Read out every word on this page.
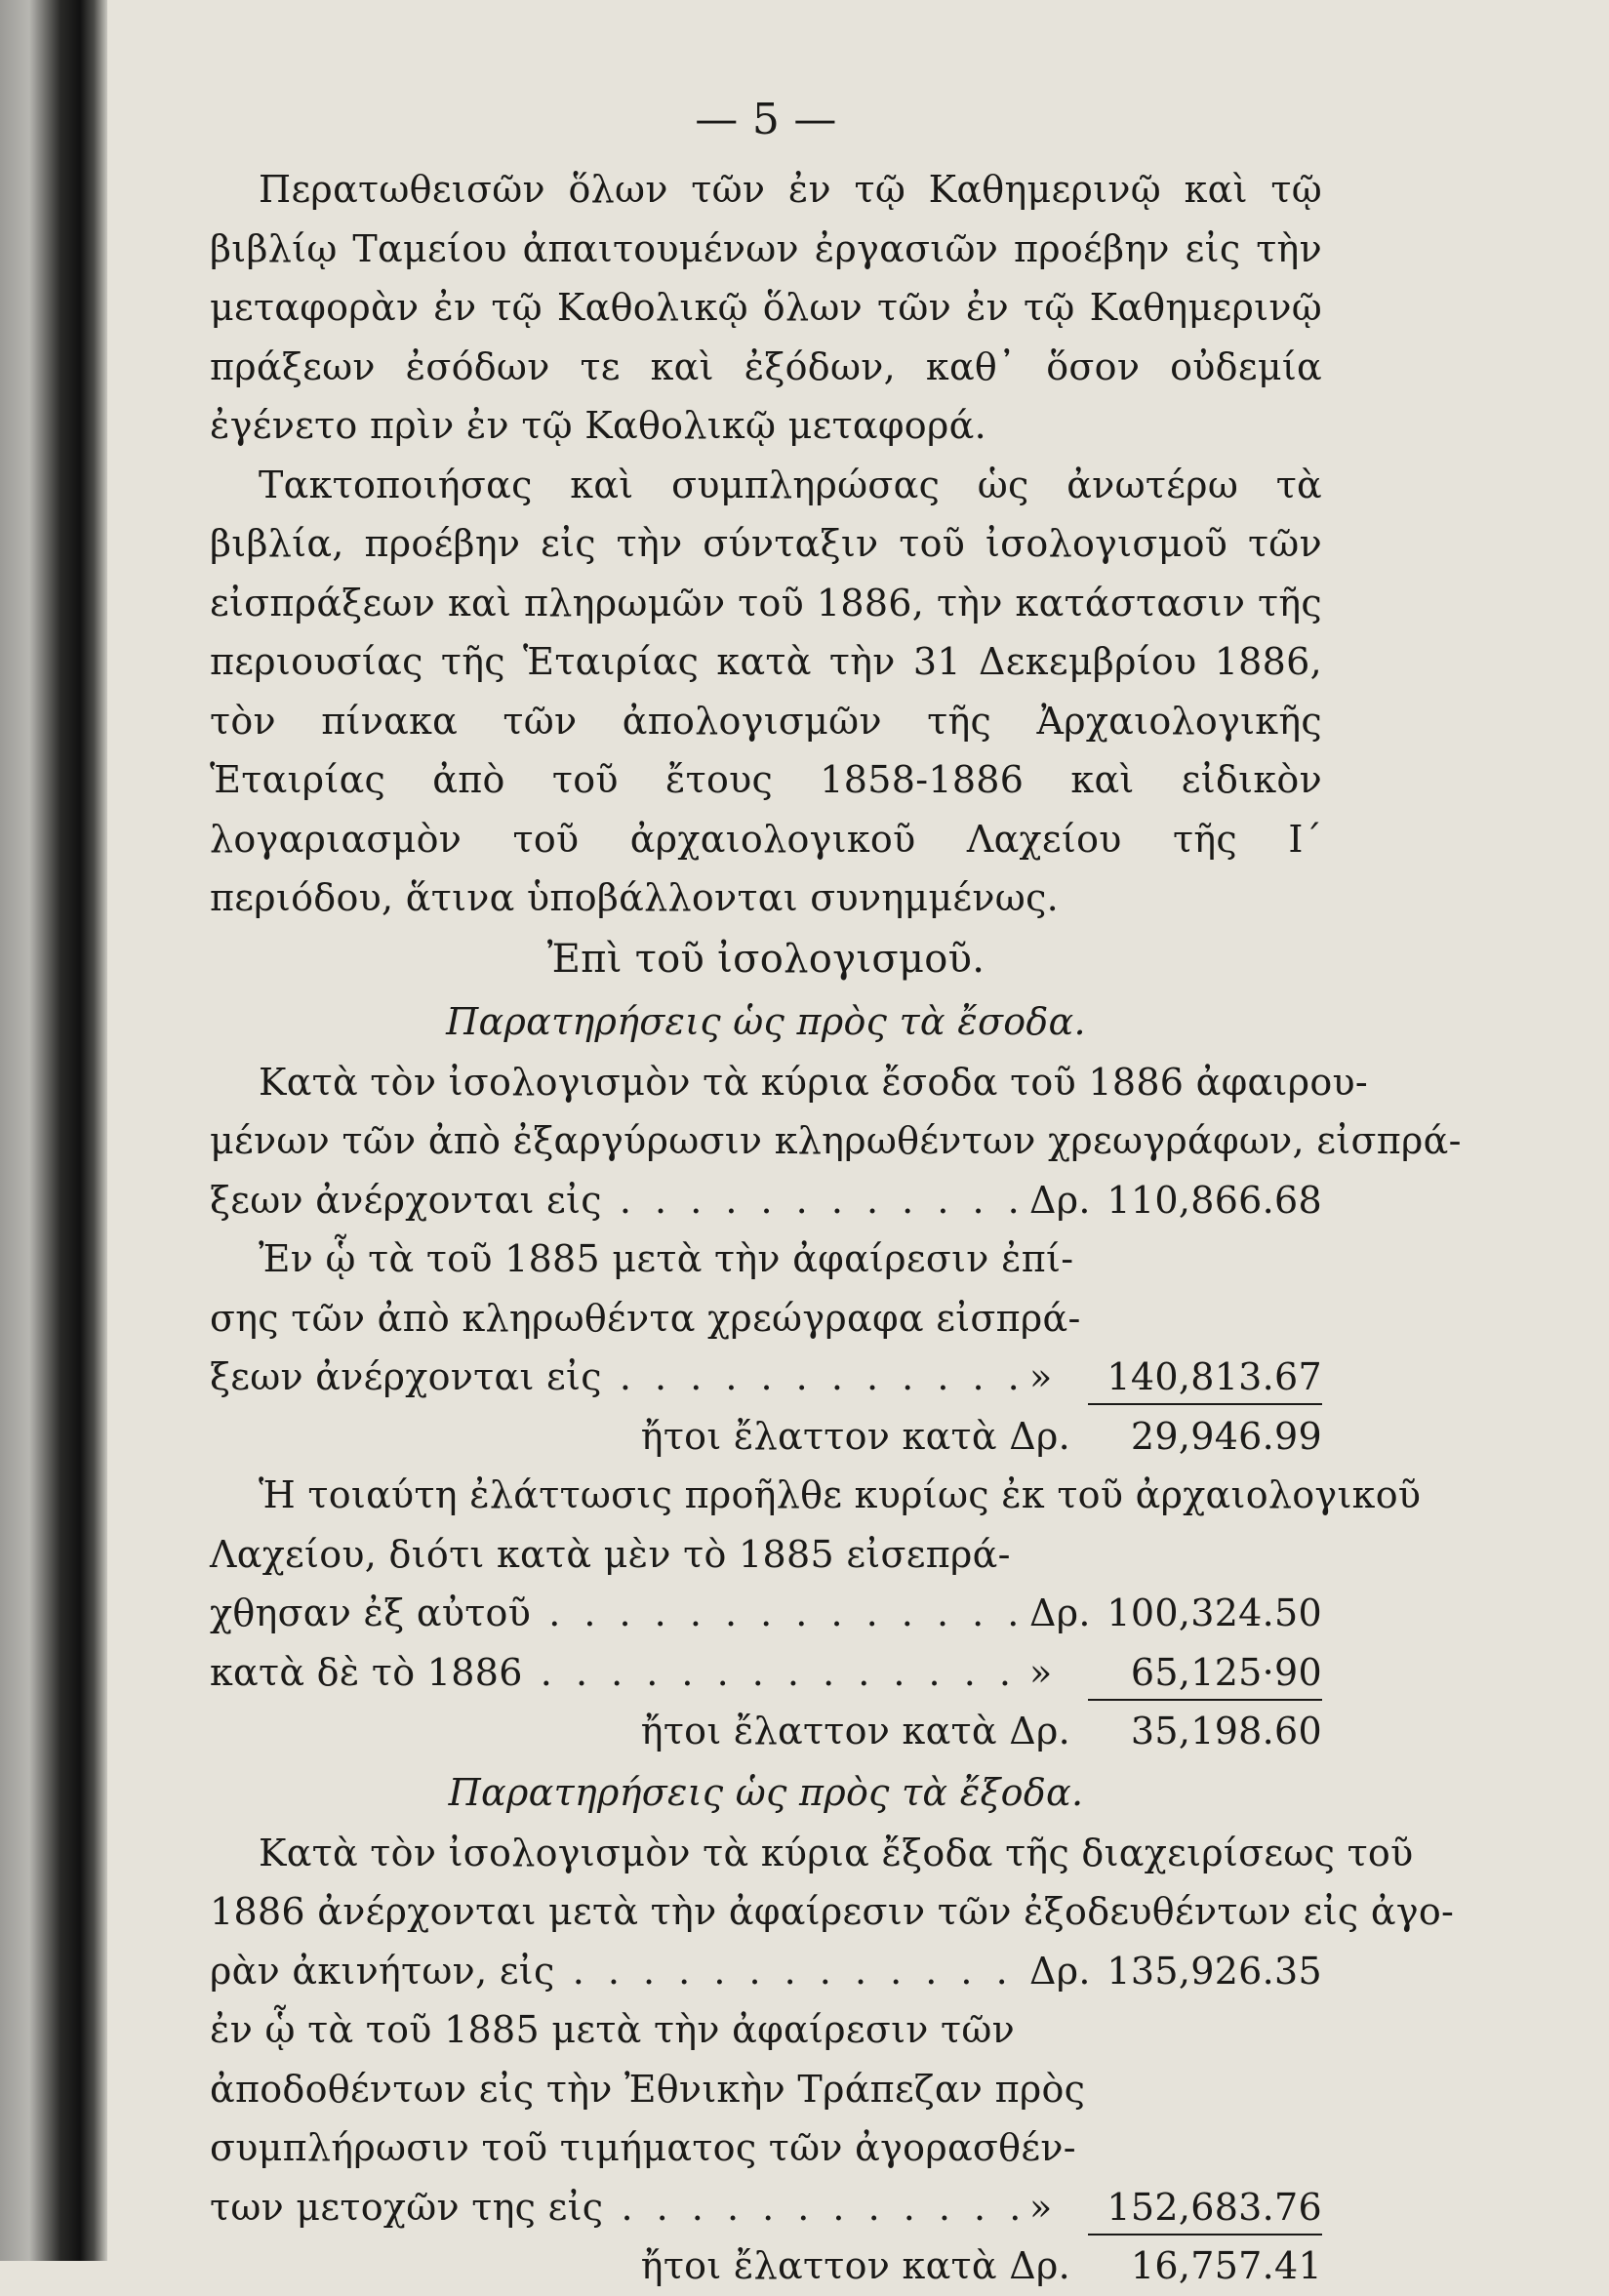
— 5 —

Περατωθεισῶν ὅλων τῶν ἐν τῷ Καθημερινῷ καὶ τῷ βιβλίῳ Ταμείου ἀπαιτουμένων ἐργασιῶν προέβην εἰς τὴν μεταφορὰν ἐν τῷ Καθολικῷ ὅλων τῶν ἐν τῷ Καθημερινῷ πράξεων ἐσόδων τε καὶ ἐξόδων, καθ᾿ ὅσον οὐδεμία ἐγένετο πρὶν ἐν τῷ Καθολικῷ μεταφορά.

Τακτοποιήσας καὶ συμπληρώσας ὡς ἀνωτέρω τὰ βιβλία, προέβην εἰς τὴν σύνταξιν τοῦ ἰσολογισμοῦ τῶν εἰσπράξεων καὶ πληρωμῶν τοῦ 1886, τὴν κατάστασιν τῆς περιουσίας τῆς Ἑταιρίας κατὰ τὴν 31 Δεκεμβρίου 1886, τὸν πίνακα τῶν ἀπολογισμῶν τῆς Ἀρχαιολογικῆς Ἑταιρίας ἀπὸ τοῦ ἔτους 1858-1886 καὶ εἰδικὸν λογαριασμὸν τοῦ ἀρχαιολογικοῦ Λαχείου τῆς Ι΄ περιόδου, ἅτινα ὑποβάλλονται συνημμένως.

Ἐπὶ τοῦ ἰσολογισμοῦ.
Παρατηρήσεις ὡς πρὸς τὰ ἔσοδα.
Κατὰ τὸν ἰσολογισμὸν τὰ κύρια ἔσοδα τοῦ 1886 ἀφαιρου-
μένων τῶν ἀπὸ ἐξαργύρωσιν κληρωθέντων χρεωγράφων, εἰσπρά-
ξεων ἀνέρχονται εἰς . . .	Δρ. 110,866.68
Ἐν ᾧ τὰ τοῦ 1885 μετὰ τὴν ἀφαίρεσιν ἐπί-
σης τῶν ἀπὸ κληρωθέντα χρεώγραφα εἰσπρά-
ξεων ἀνέρχονται εἰς . . .	»	140,813.67
ἤτοι ἔλαττον κατὰ Δρ.	29,946.99
Ἡ τοιαύτη ἐλάττωσις προῆλθε κυρίως ἐκ τοῦ ἀρχαιολογικοῦ
Λαχείου, διότι κατὰ μὲν τὸ 1885 εἰσεπρά-
χθησαν ἐξ αὐτοῦ . . .	Δρ. 100,324.50
κατὰ δὲ τὸ 1886 . . .	»	65,125·90
ἤτοι ἔλαττον κατὰ Δρ.	35,198.60
Παρατηρήσεις ὡς πρὸς τὰ ἔξοδα.
Κατὰ τὸν ἰσολογισμὸν τὰ κύρια ἔξοδα τῆς διαχειρίσεως τοῦ
1886 ἀνέρχονται μετὰ τὴν ἀφαίρεσιν τῶν ἐξοδευθέντων εἰς ἀγο-
ρὰν ἀκινήτων, εἰς . . .	Δρ. 135,926.35
ἐν ᾧ τὰ τοῦ 1885 μετὰ τὴν ἀφαίρεσιν τῶν
ἀποδοθέντων εἰς τὴν Ἐθνικὴν Τράπεζαν πρὸς
συμπλήρωσιν τοῦ τιμήματος τῶν ἀγορασθέν-
των μετοχῶν της εἰς . . .	»	152,683.76
ἤτοι ἔλαττον κατὰ Δρ.	16,757.41
